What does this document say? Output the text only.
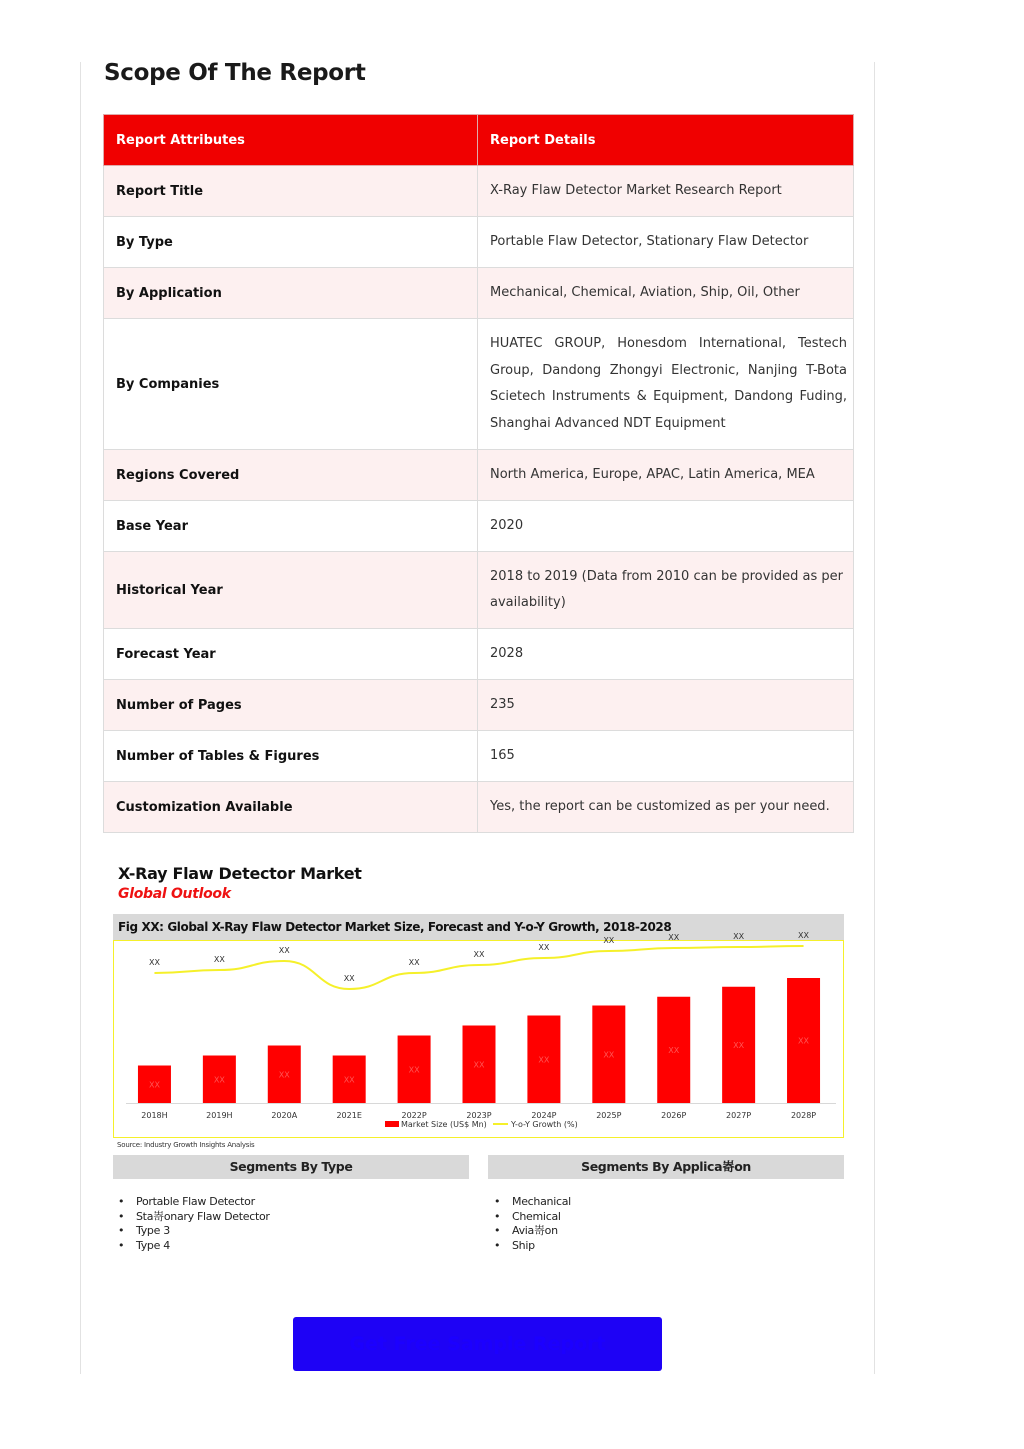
Scope Of The Report
Report Attributes	Report Details
Report Title	X-Ray Flaw Detector Market Research Report
By Type	Portable Flaw Detector, Stationary Flaw Detector
By Application	Mechanical, Chemical, Aviation, Ship, Oil, Other
By Companies	HUATEC GROUP, Honesdom International, Testech Group, Dandong Zhongyi Electronic, Nanjing T-Bota Scietech Instruments & Equipment, Dandong Fuding, Shanghai Advanced NDT Equipment
Regions Covered	North America, Europe, APAC, Latin America, MEA
Base Year	2020
Historical Year	2018 to 2019 (Data from 2010 can be provided as per availability)
Forecast Year	2028
Number of Pages	235
Number of Tables & Figures	165
Customization Available	Yes, the report can be customized as per your need.
X-Ray Flaw Detector Market
Global Outlook
Fig XX: Global X-Ray Flaw Detector Market Size, Forecast and Y-o-Y Growth, 2018-2028
XX
2018H
XX
2019H
XX
2020A
XX
2021E
XX
2022P
XX
2023P
XX
2024P
XX
2025P
XX
2026P
XX
2027P
XX
2028P
XX	XX
XX
XX
XX
XX
XX
XX	XX	XX	XX
Market Size (US$ Mn)	Y-o-Y Growth (%)
Source: Industry Growth Insights Analysis
Segments By Type	Segments By Applica㟢on
• Portable Flaw Detector
• Sta㟢onary Flaw Detector
• Type 3
• Type 4
• Mechanical
• Chemical
• Avia㟢on
• Ship
Get Free Sample Report
